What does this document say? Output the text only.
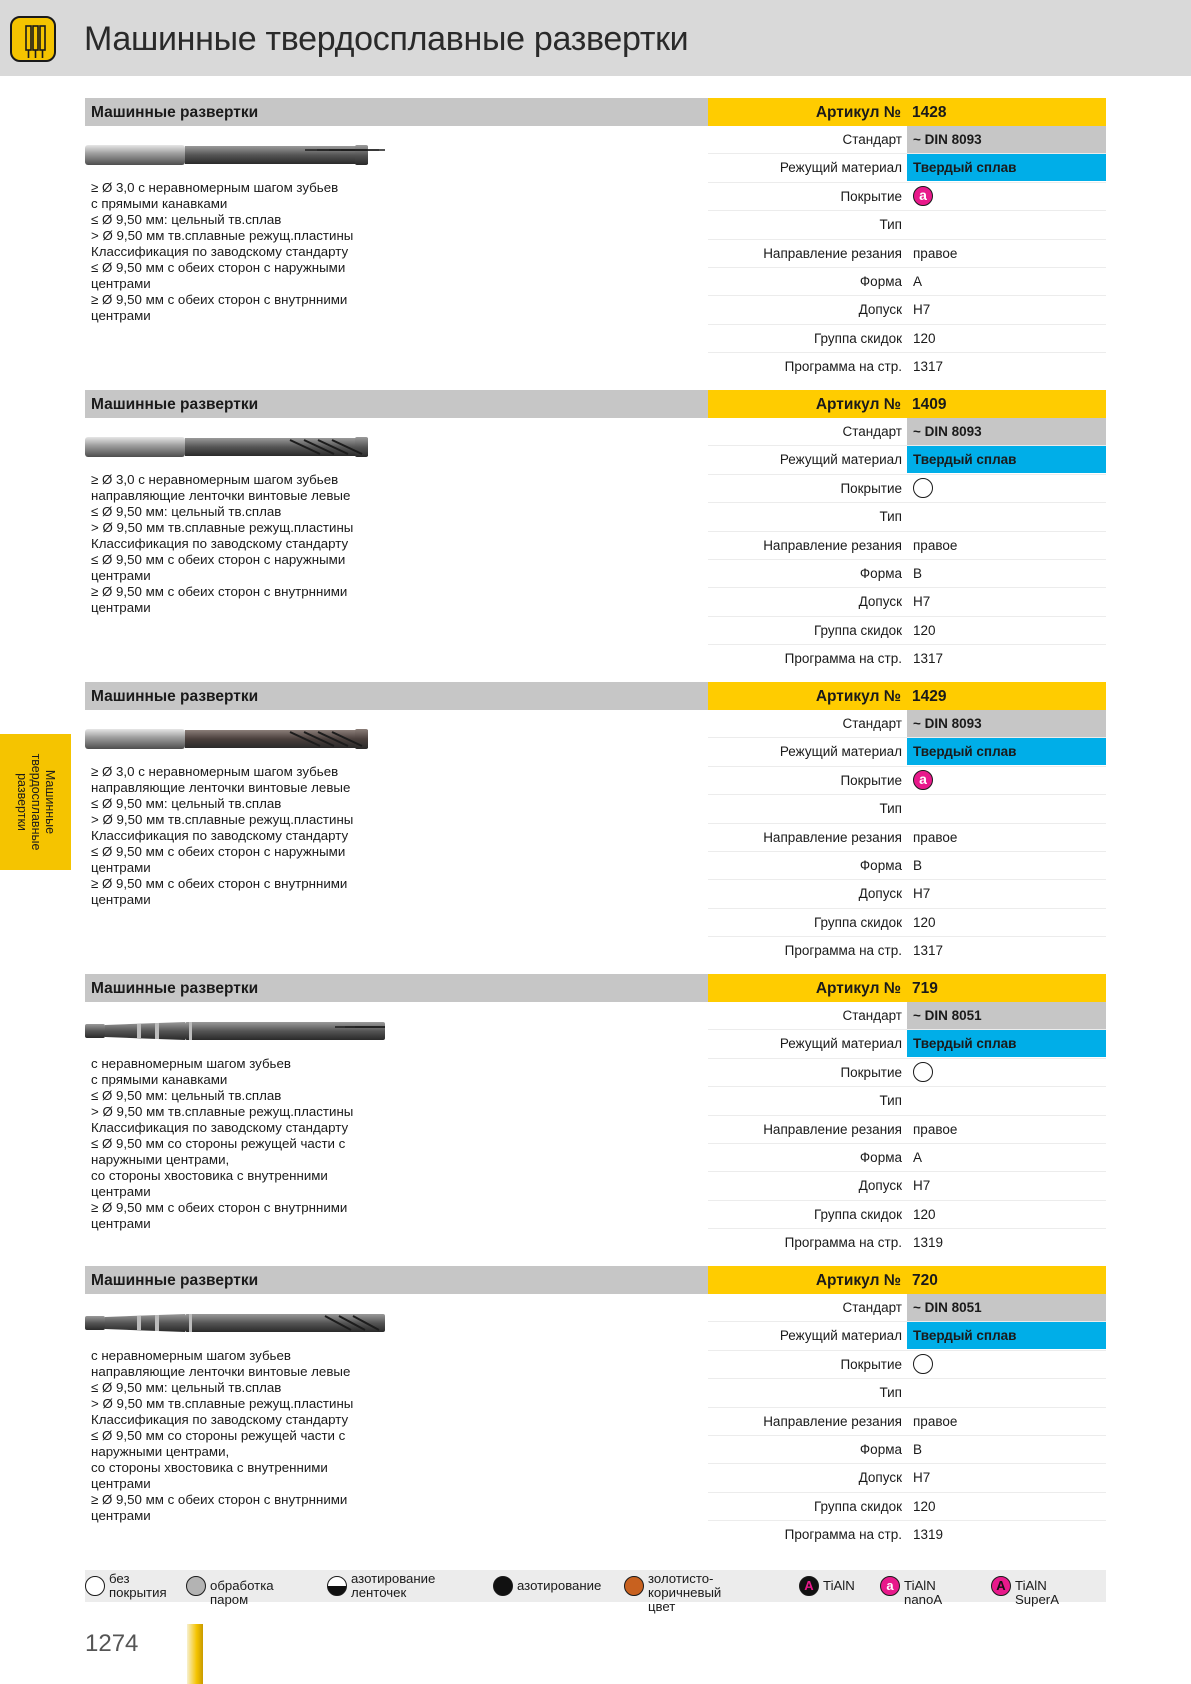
Машинные твердосплавные развертки
Машинные
твердосплавные
развертки
Машинные развертки	Артикул № 1428
≥ Ø 3,0 с неравномерным шагом зубьев
с прямыми канавками
≤ Ø 9,50 мм: цельный тв.сплав
> Ø 9,50 мм тв.сплавные режущ.пластины
Классификация по заводскому стандарту
≤ Ø 9,50 мм с обеих сторон с наружными
центрами
≥ Ø 9,50 мм с обеих сторон с внутрнними
центрами
Стандарт ~ DIN 8093
Режущий материал Твердый сплав
Покрытие	a
Тип
Направление резания правое
Форма A
Допуск H7
Группа скидок 120
Программа на стр. 1317
Машинные развертки	Артикул № 1409
≥ Ø 3,0 с неравномерным шагом зубьев
направляющие ленточки винтовые левые
≤ Ø 9,50 мм: цельный тв.сплав
> Ø 9,50 мм тв.сплавные режущ.пластины
Классификация по заводскому стандарту
≤ Ø 9,50 мм с обеих сторон с наружными
центрами
≥ Ø 9,50 мм с обеих сторон с внутрнними
центрами
Стандарт ~ DIN 8093
Режущий материал Твердый сплав
Покрытие
Тип
Направление резания правое
Форма B
Допуск H7
Группа скидок 120
Программа на стр. 1317
Машинные развертки	Артикул № 1429
≥ Ø 3,0 с неравномерным шагом зубьев
направляющие ленточки винтовые левые
≤ Ø 9,50 мм: цельный тв.сплав
> Ø 9,50 мм тв.сплавные режущ.пластины
Классификация по заводскому стандарту
≤ Ø 9,50 мм с обеих сторон с наружными
центрами
≥ Ø 9,50 мм с обеих сторон с внутрнними
центрами
Стандарт ~ DIN 8093
Режущий материал Твердый сплав
Покрытие	a
Тип
Направление резания правое
Форма B
Допуск H7
Группа скидок 120
Программа на стр. 1317
Машинные развертки	Артикул № 719
с неравномерным шагом зубьев
с прямыми канавками
≤ Ø 9,50 мм: цельный тв.сплав
> Ø 9,50 мм тв.сплавные режущ.пластины
Классификация по заводскому стандарту
≤ Ø 9,50 мм со стороны режущей части с
наружными центрами,
со стороны хвостовика с внутренними
центрами
≥ Ø 9,50 мм с обеих сторон с внутрнними
центрами
Стандарт ~ DIN 8051
Режущий материал Твердый сплав
Покрытие
Тип
Направление резания правое
Форма A
Допуск H7
Группа скидок 120
Программа на стр. 1319
Машинные развертки	Артикул № 720
с неравномерным шагом зубьев
направляющие ленточки винтовые левые
≤ Ø 9,50 мм: цельный тв.сплав
> Ø 9,50 мм тв.сплавные режущ.пластины
Классификация по заводскому стандарту
≤ Ø 9,50 мм со стороны режущей части с
наружными центрами,
со стороны хвостовика с внутренними
центрами
≥ Ø 9,50 мм с обеих сторон с внутрнними
центрами
Стандарт ~ DIN 8051
Режущий материал Твердый сплав
Покрытие
Тип
Направление резания правое
Форма B
Допуск H7
Группа скидок 120
Программа на стр. 1319
без
покрытия	обработка паром
азотирование
ленточек	азотирование	золотисто-коричневый
цвет
A TiAlN	a TiAlN nanoA
A TiAlN SuperA
1274
